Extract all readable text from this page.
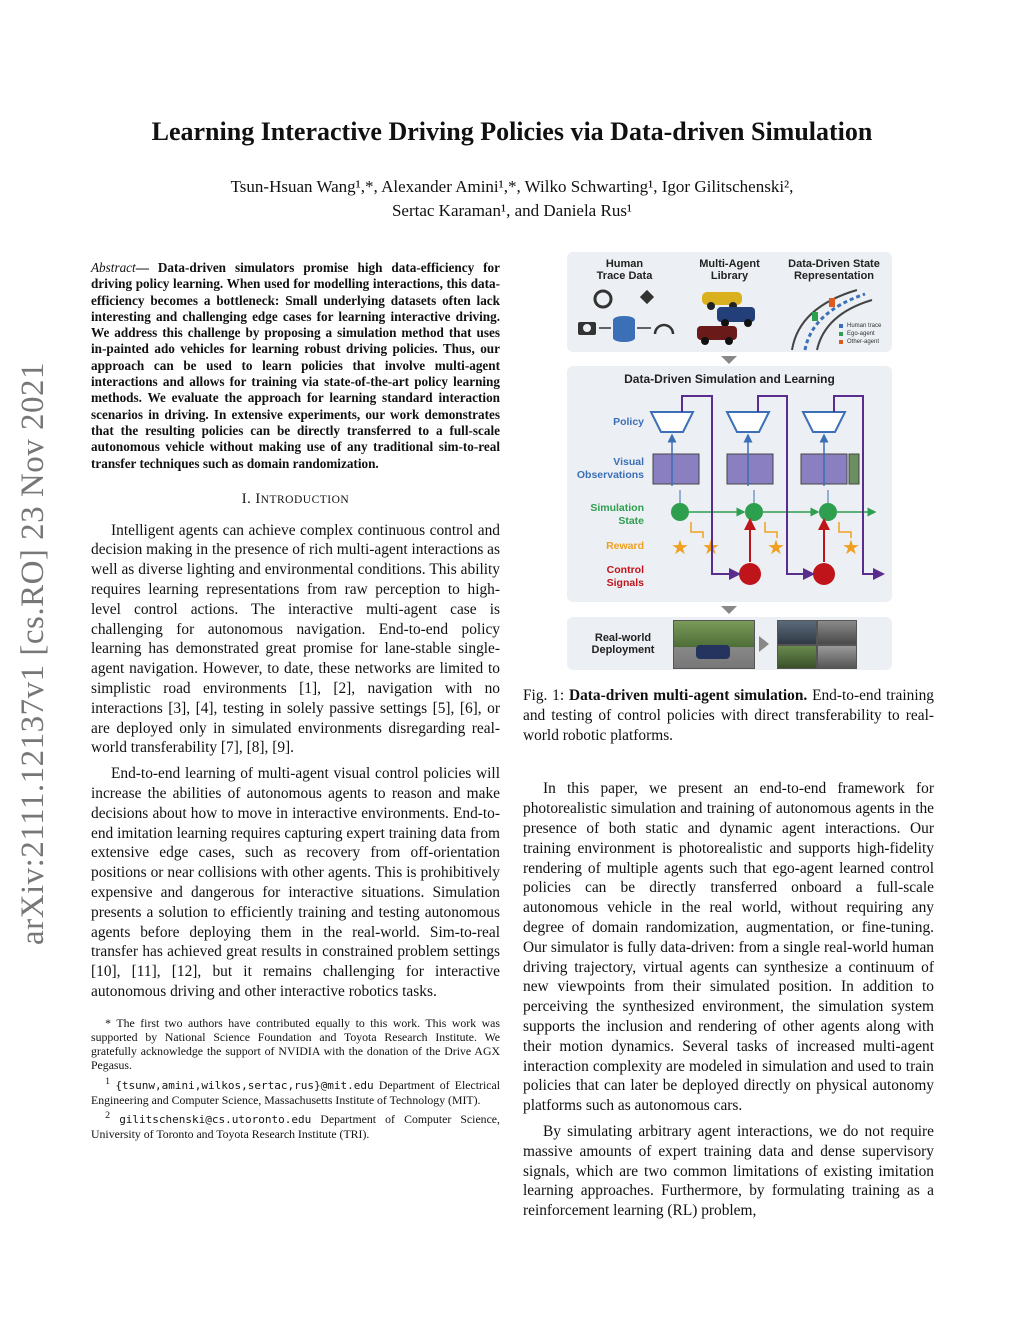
arXiv:2111.12137v1 [cs.RO] 23 Nov 2021
Learning Interactive Driving Policies via Data-driven Simulation
Tsun-Hsuan Wang¹,*, Alexander Amini¹,*, Wilko Schwarting¹, Igor Gilitschenski²,
Sertac Karaman¹, and Daniela Rus¹
Abstract— Data-driven simulators promise high data-efficiency for driving policy learning. When used for modelling interactions, this data-efficiency becomes a bottleneck: Small underlying datasets often lack interesting and challenging edge cases for learning interactive driving. We address this challenge by proposing a simulation method that uses in-painted ado vehicles for learning robust driving policies. Thus, our approach can be used to learn policies that involve multi-agent interactions and allows for training via state-of-the-art policy learning methods. We evaluate the approach for learning standard interaction scenarios in driving. In extensive experiments, our work demonstrates that the resulting policies can be directly transferred to a full-scale autonomous vehicle without making use of any traditional sim-to-real transfer techniques such as domain randomization.
I. INTRODUCTION

Intelligent agents can achieve complex continuous control and decision making in the presence of rich multi-agent interactions as well as diverse lighting and environmental conditions. This ability requires learning representations from raw perception to high-level control actions. The interactive multi-agent case is challenging for autonomous navigation. End-to-end policy learning has demonstrated great promise for lane-stable single-agent navigation. However, to date, these networks are limited to simplistic road environments [1], [2], navigation with no interactions [3], [4], testing in solely passive settings [5], [6], or are deployed only in simulated environments disregarding real-world transferability [7], [8], [9].

End-to-end learning of multi-agent visual control policies will increase the abilities of autonomous agents to reason and make decisions about how to move in interactive environments. End-to-end imitation learning requires capturing expert training data from extensive edge cases, such as recovery from off-orientation positions or near collisions with other agents. This is prohibitively expensive and dangerous for interactive situations. Simulation presents a solution to efficiently training and testing autonomous agents before deploying them in the real-world. Sim-to-real transfer has achieved great results in constrained problem settings [10], [11], [12], but it remains challenging for interactive autonomous driving and other interactive robotics tasks.

* The first two authors have contributed equally to this work. This work was supported by National Science Foundation and Toyota Research Institute. We gratefully acknowledge the support of NVIDIA with the donation of the Drive AGX Pegasus.
$^1$ {tsunw,amini,wilkos,sertac,rus}@mit.edu Department of Electrical Engineering and Computer Science, Massachusetts Institute of Technology (MIT).
$^2$ gilitschenski@cs.utoronto.edu Department of Computer Science, University of Toronto and Toyota Research Institute (TRI).
Human
Trace Data
Multi-Agent
Library
Data-Driven State
Representation
Human trace
Ego-agent
Other-agent
Data-Driven Simulation and Learning
Policy
Visual
Observations
Simulation
State
Reward
Control
Signals
★ ★	★
★
Real-world
Deployment
Fig. 1: Data-driven multi-agent simulation. End-to-end training and testing of control policies with direct transferability to real-world robotic platforms.

In this paper, we present an end-to-end framework for photorealistic simulation and training of autonomous agents in the presence of both static and dynamic agent interactions. Our training environment is photorealistic and supports high-fidelity rendering of multiple agents such that ego-agent learned control policies can be directly transferred onboard a full-scale autonomous vehicle in the real world, without requiring any degree of domain randomization, augmentation, or fine-tuning. Our simulator is fully data-driven: from a single real-world human driving trajectory, virtual agents can synthesize a continuum of new viewpoints from their simulated position. In addition to perceiving the synthesized environment, the simulation system supports the inclusion and rendering of other agents along with their motion dynamics. Several tasks of increased multi-agent interaction complexity are modeled in simulation and used to train policies that can later be deployed directly on physical autonomy platforms such as autonomous cars.

By simulating arbitrary agent interactions, we do not require massive amounts of expert training data and dense supervisory signals, which are two common limitations of existing imitation learning approaches. Furthermore, by formulating training as a reinforcement learning (RL) problem,
